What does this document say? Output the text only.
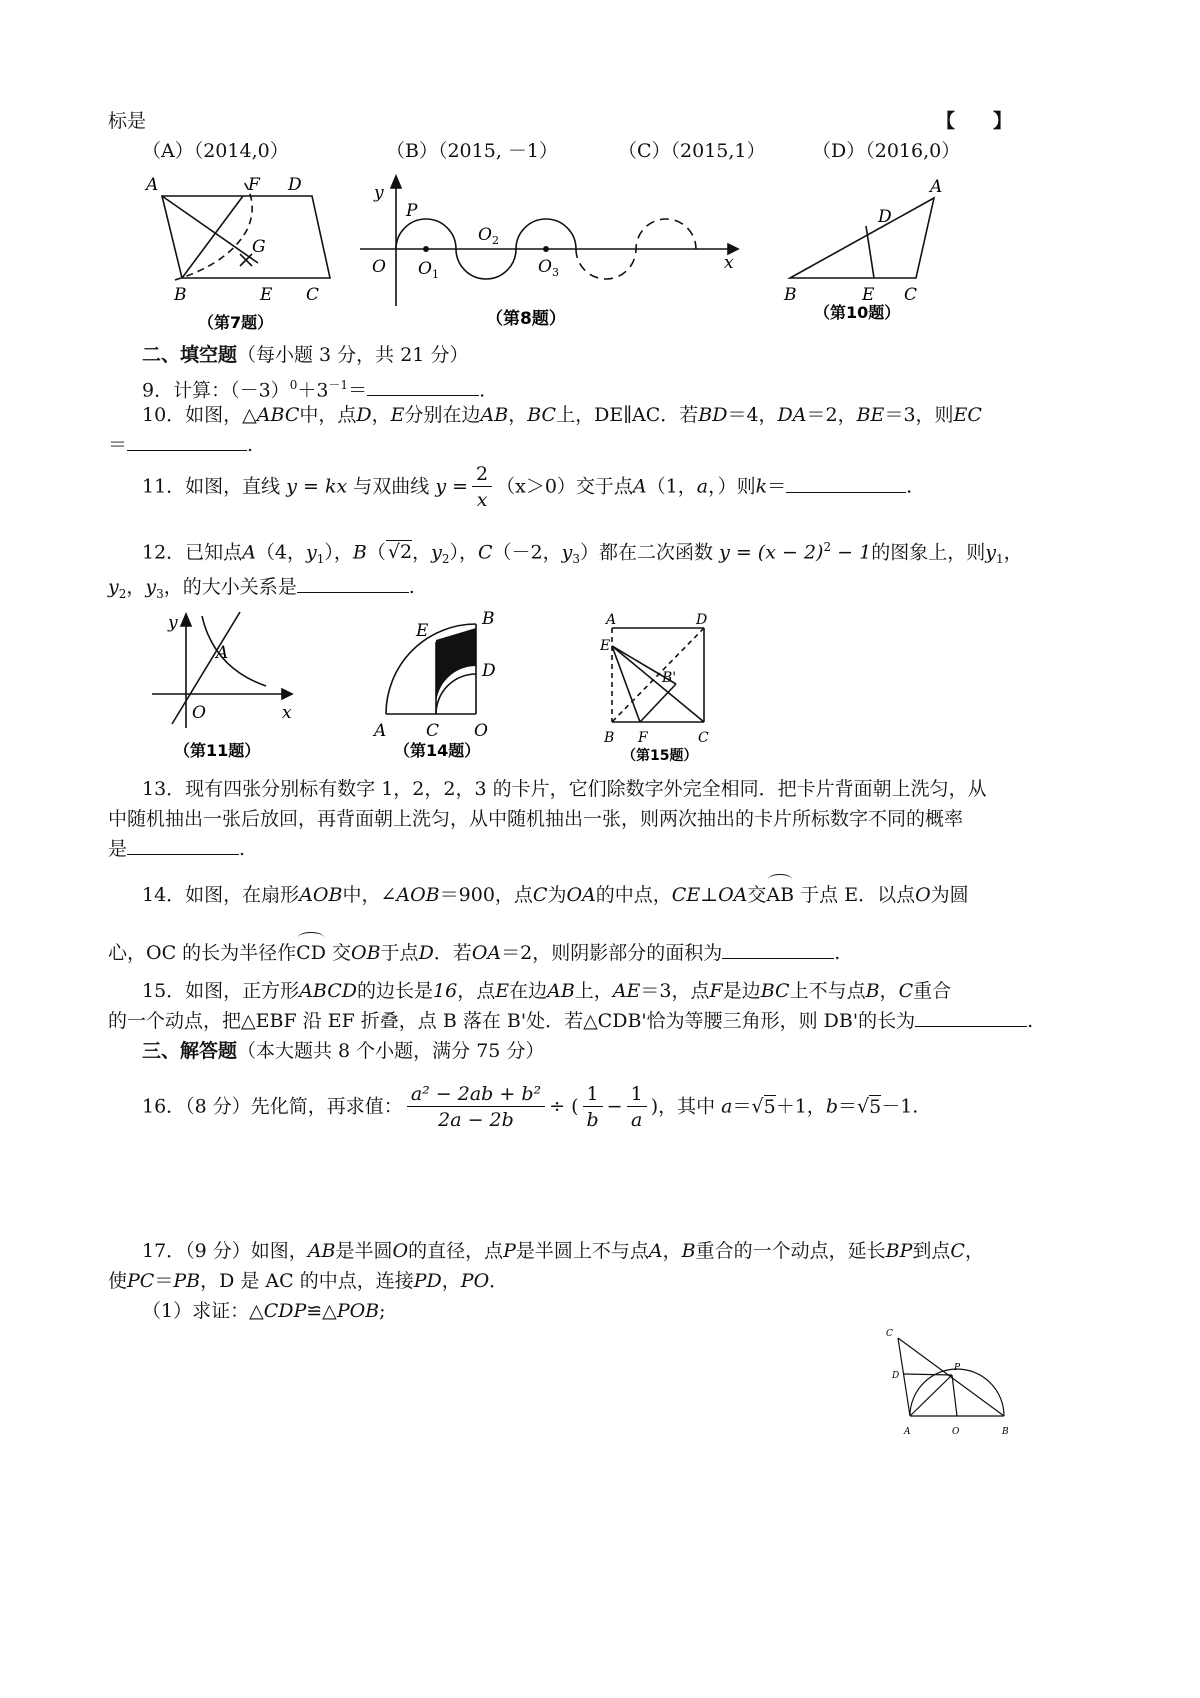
标是	【　　】
（A）（2014,0）	（B）（2015, －1）	（C）（2015,1） （D）（2016,0）
A	F D
G
B	E C
（第7题）
y
P
O $O_1$
$O_2$
$O_3$	x
（第8题）
A
D
B	E C
（第10题）
二、填空题（每小题 3 分，共 21 分）
9．计算：$(-3)^0+3^{-1}=$	.
10．如图，△ABC中，点D，E分别在边AB，BC上，DE∥AC．若BD＝4，DA＝2，BE＝3，则EC
＝	.
11．如图，直线 y = kx 与双曲线 $y = \frac{2}{x} (x>0)$交于点A（1，a，）则k＝	.
12．已知点A（4，$y_1$），B（ √2，$y_2$），C（－2，$y_3$）都在二次函数 $y = (x - 2)^2 - 1$的图象上，则$y_1$，
$y_2$，$y_3$，的大小关系是	.
y
A
O	x
（第11题）
E
B
D
A C O
（第14题）
A	D
E
B'
B F	C
（第15题）
13．现有四张分别标有数字 1，2，2，3 的卡片，它们除数字外完全相同．把卡片背面朝上洗匀，从
中随机抽出一张后放回，再背面朝上洗匀，从中随机抽出一张，则两次抽出的卡片所标数字不同的概率
是	.
14．如图，在扇形AOB中，∠AOB＝900，点C为OA的中点，CE⊥OA交AB 于点 E．以点O为圆
心，OC 的长为半径作CD 交OB于点D．若OA＝2，则阴影部分的面积为	.
15．如图，正方形ABCD的边长是16，点E在边AB上，AE＝3，点F是边BC上不与点B，C重合
的一个动点，把△EBF 沿 EF 折叠，点 B 落在 B'处．若△CDB'恰为等腰三角形，则 DB'的长为	.
三、解答题（本大题共 8 个小题，满分 75 分）
16．（8 分）先化简，再求值： $\frac{\text{a² − 2ab + b²}}{2a - 2b}$ ÷ ( $\frac{1}{b} - \frac{1}{a}$ )，其中 a＝√5＋1，b＝√5－1.
17．（9 分）如图，AB是半圆O的直径，点P是半圆上不与点A，B重合的一个动点，延长BP到点C，
使PC＝PB，D 是 AC 的中点，连接PD，PO．
（1）求证：△CDP≌△POB;
C
D
P
A	O	B
